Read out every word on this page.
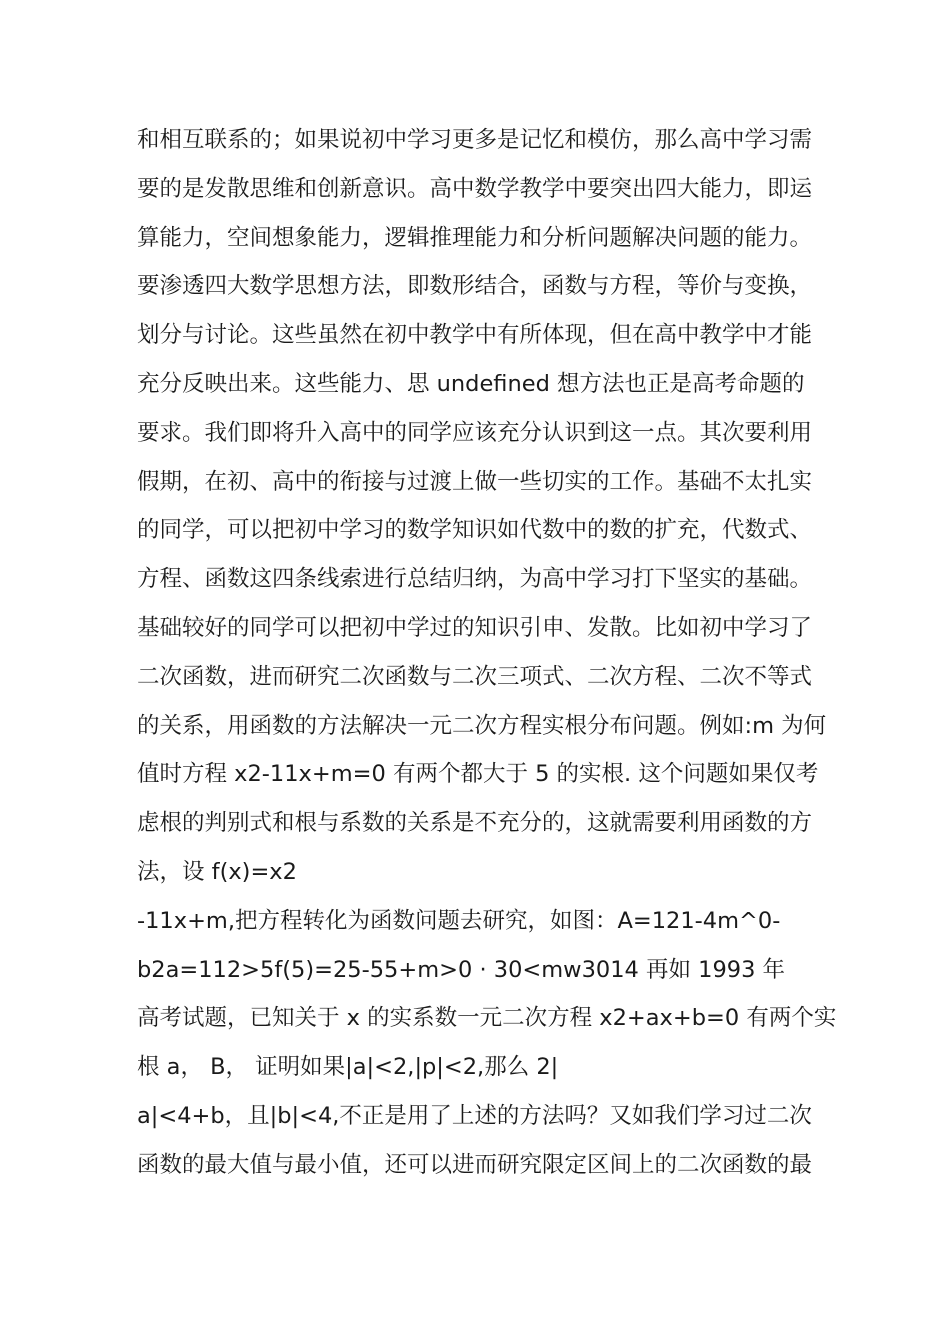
和相互联系的；如果说初中学习更多是记忆和模仿，那么高中学习需
要的是发散思维和创新意识。高中数学教学中要突出四大能力，即运
算能力，空间想象能力，逻辑推理能力和分析问题解决问题的能力。
要渗透四大数学思想方法，即数形结合，函数与方程，等价与变换，
划分与讨论。这些虽然在初中教学中有所体现，但在高中教学中才能
充分反映出来。这些能力、思 undefined 想方法也正是高考命题的
要求。我们即将升入高中的同学应该充分认识到这一点。其次要利用
假期，在初、高中的衔接与过渡上做一些切实的工作。基础不太扎实
的同学，可以把初中学习的数学知识如代数中的数的扩充，代数式、
方程、函数这四条线索进行总结归纳，为高中学习打下坚实的基础。
基础较好的同学可以把初中学过的知识引申、发散。比如初中学习了
二次函数，进而研究二次函数与二次三项式、二次方程、二次不等式
的关系，用函数的方法解决一元二次方程实根分布问题。例如:m 为何
值时方程 x2-11x+m=0 有两个都大于 5 的实根. 这个问题如果仅考
虑根的判别式和根与系数的关系是不充分的，这就需要利用函数的方
法，设 f(x)=x2
-11x+m,把方程转化为函数问题去研究，如图：A=121-4m^0-
b2a=112>5f(5)=25-55+m>0 · 30<mw3014 再如 1993 年
高考试题，已知关于 x 的实系数一元二次方程 x2+ax+b=0 有两个实
根 a， B， 证明如果|a|<2,|p|<2,那么 2|
a|<4+b，且|b|<4,不正是用了上述的方法吗？又如我们学习过二次
函数的最大值与最小值，还可以进而研究限定区间上的二次函数的最
